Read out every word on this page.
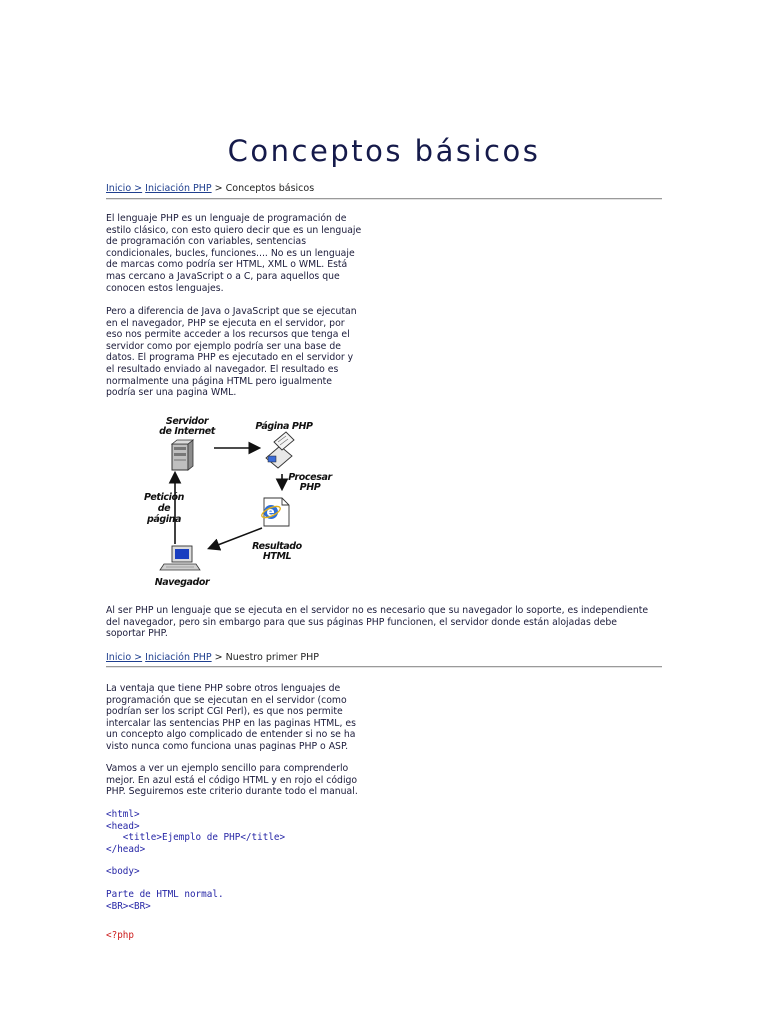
Conceptos básicos
Inicio > Iniciación PHP > Conceptos básicos

El lenguaje PHP es un lenguaje de programación de
estilo clásico, con esto quiero decir que es un lenguaje
de programación con variables, sentencias
condicionales, bucles, funciones.... No es un lenguaje
de marcas como podría ser HTML, XML o WML. Está
mas cercano a JavaScript o a C, para aquellos que
conocen estos lenguajes.

Pero a diferencia de Java o JavaScript que se ejecutan
en el navegador, PHP se ejecuta en el servidor, por
eso nos permite acceder a los recursos que tenga el
servidor como por ejemplo podría ser una base de
datos. El programa PHP es ejecutado en el servidor y
el resultado enviado al navegador. El resultado es
normalmente una página HTML pero igualmente
podría ser una pagina WML.

e
Servidor
de Internet	Página PHP
Procesar
PHP
Petición
de
página
Resultado HTML
Navegador

Al ser PHP un lenguaje que se ejecuta en el servidor no es necesario que su navegador lo soporte, es independiente
del navegador, pero sin embargo para que sus páginas PHP funcionen, el servidor donde están alojadas debe
soportar PHP.

Inicio > Iniciación PHP > Nuestro primer PHP

La ventaja que tiene PHP sobre otros lenguajes de
programación que se ejecutan en el servidor (como
podrían ser los script CGI Perl), es que nos permite
intercalar las sentencias PHP en las paginas HTML, es
un concepto algo complicado de entender si no se ha
visto nunca como funciona unas paginas PHP o ASP.

Vamos a ver un ejemplo sencillo para comprenderlo
mejor. En azul está el código HTML y en rojo el código
PHP. Seguiremos este criterio durante todo el manual.

<html>
<head>
<title>Ejemplo de PHP</title>
</head>
<body>
Parte de HTML normal.
<BR><BR>
<?php
